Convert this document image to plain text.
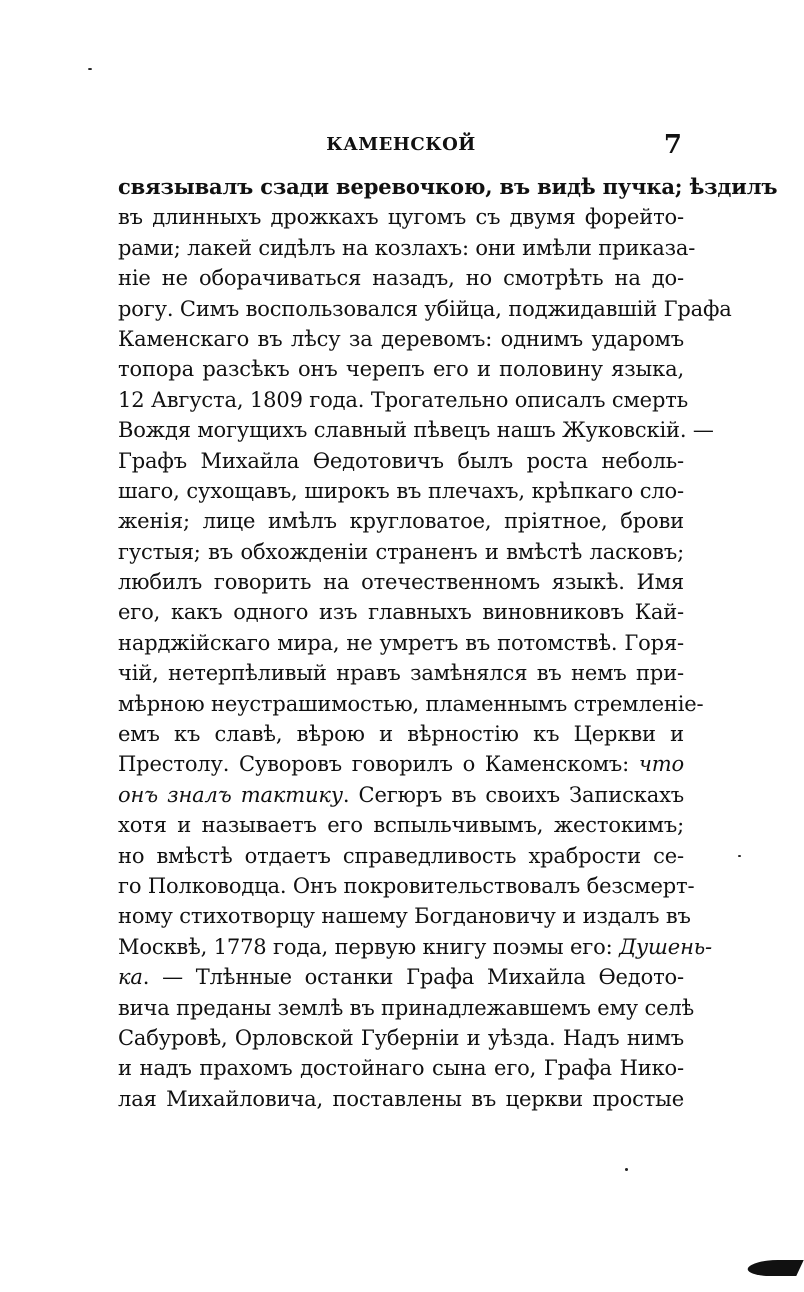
КАМЕНСКОЙ	7
связывалъ сзади веревочкою, въ видѣ пучка; ѣздилъ
въ длинныхъ дрожкахъ цугомъ съ двумя форейто-
рами; лакей сидѣлъ на козлахъ: они имѣли приказа-
ніе не оборачиваться назадъ, но смотрѣть на до-
рогу. Симъ воспользовался убійца, поджидавшій Графа
Каменскаго въ лѣсу за деревомъ: однимъ ударомъ
топора разсѣкъ онъ черепъ его и половину языка,
12 Августа, 1809 года. Трогательно описалъ смерть
Вождя могущихъ славный пѣвецъ нашъ Жуковскій. —
Графъ Михайла Ѳедотовичъ былъ роста неболь-
шаго, сухощавъ, широкъ въ плечахъ, крѣпкаго сло-
женія; лице имѣлъ кругловатое, пріятное, брови
густыя; въ обхожденіи страненъ и вмѣстѣ ласковъ;
любилъ говорить на отечественномъ языкѣ. Имя
его, какъ одного изъ главныхъ виновниковъ Кай-
нарджійскаго мира, не умретъ въ потомствѣ. Горя-
чій, нетерпѣливый нравъ замѣнялся въ немъ при-
мѣрною неустрашимостью, пламеннымъ стремленіе-
емъ къ славѣ, вѣрою и вѣрностію къ Церкви и
Престолу. Суворовъ говорилъ о Каменскомъ: что
онъ зналъ тактику. Сегюръ въ своихъ Запискахъ
хотя и называетъ его вспыльчивымъ, жестокимъ;
но вмѣстѣ отдаетъ справедливость храбрости се-
го Полководца. Онъ покровительствовалъ безсмерт-
ному стихотворцу нашему Богдановичу и издалъ въ
Москвѣ, 1778 года, первую книгу поэмы его: Душень-
ка. — Тлѣнные останки Графа Михайла Ѳедото-
вича преданы землѣ въ принадлежавшемъ ему селѣ
Сабуровѣ, Орловской Губерніи и уѣзда. Надъ нимъ
и надъ прахомъ достойнаго сына его, Графа Нико-
лая Михайловича, поставлены въ церкви простые
